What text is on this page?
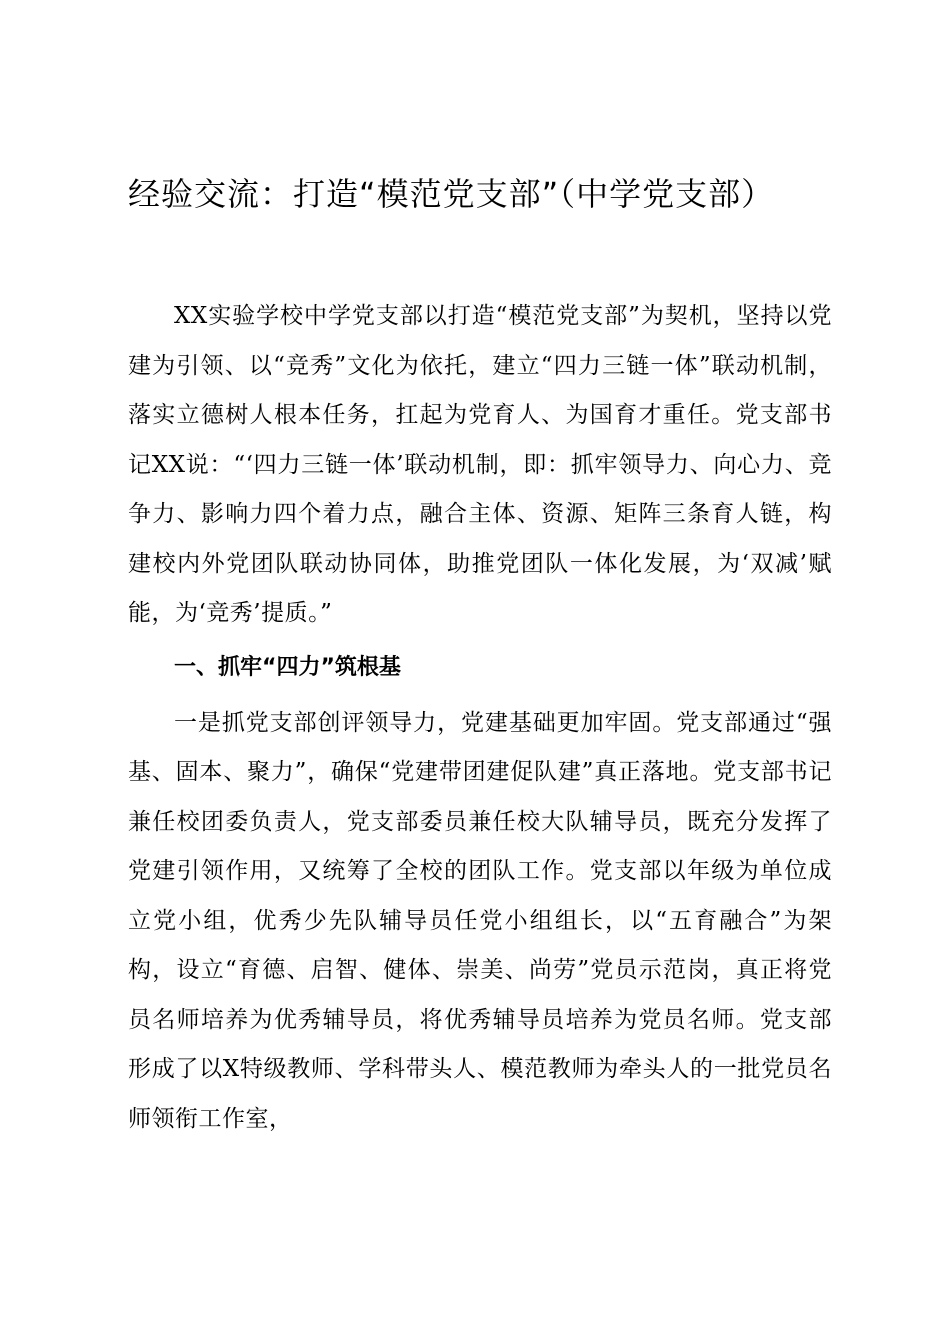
经验交流：打造“模范党支部”（中学党支部）

XX实验学校中学党支部以打造“模范党支部”为契机，坚持以党建为引领、以“竞秀”文化为依托，建立“四力三链一体”联动机制，落实立德树人根本任务，扛起为党育人、为国育才重任。党支部书记XX说：“‘四力三链一体’联动机制，即：抓牢领导力、向心力、竞争力、影响力四个着力点，融合主体、资源、矩阵三条育人链，构建校内外党团队联动协同体，助推党团队一体化发展，为‘双减’赋能，为‘竞秀’提质。”

一、抓牢“四力”筑根基

一是抓党支部创评领导力，党建基础更加牢固。党支部通过“强基、固本、聚力”，确保“党建带团建促队建”真正落地。党支部书记兼任校团委负责人，党支部委员兼任校大队辅导员，既充分发挥了党建引领作用，又统筹了全校的团队工作。党支部以年级为单位成立党小组，优秀少先队辅导员任党小组组长，以“五育融合”为架构，设立“育德、启智、健体、崇美、尚劳”党员示范岗，真正将党员名师培养为优秀辅导员，将优秀辅导员培养为党员名师。党支部形成了以X特级教师、学科带头人、模范教师为牵头人的一批党员名师领衔工作室，
